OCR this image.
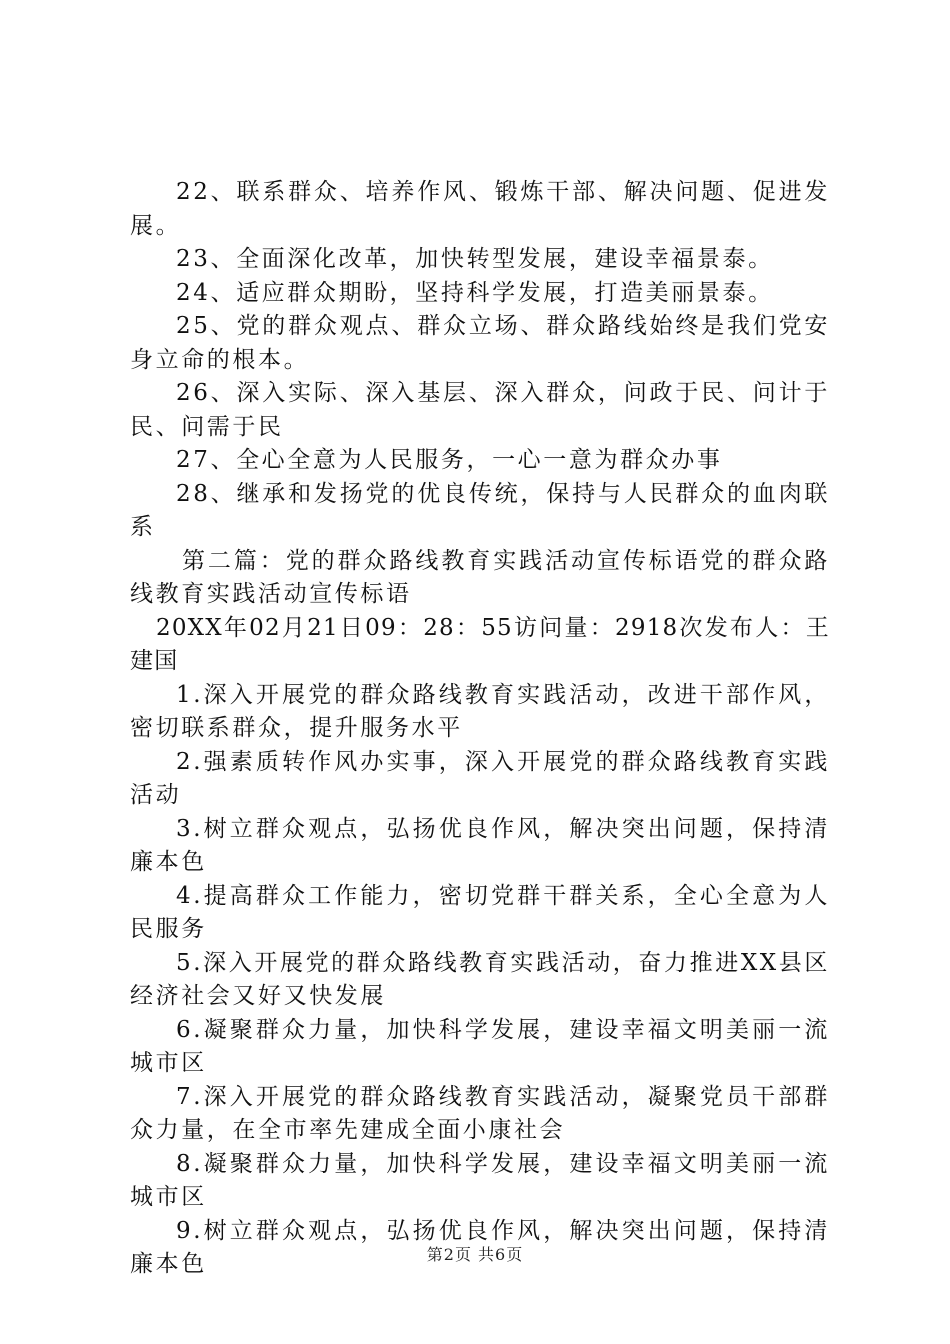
22、联系群众、培养作风、锻炼干部、解决问题、促进发展。

23、全面深化改革，加快转型发展，建设幸福景泰。

24、适应群众期盼，坚持科学发展，打造美丽景泰。

25、党的群众观点、群众立场、群众路线始终是我们党安身立命的根本。

26、深入实际、深入基层、深入群众，问政于民、问计于民、问需于民

27、全心全意为人民服务，一心一意为群众办事

28、继承和发扬党的优良传统，保持与人民群众的血肉联系

第二篇：党的群众路线教育实践活动宣传标语党的群众路线教育实践活动宣传标语

20XX年02月21日09：28：55访问量：2918次发布人：王建国

1.深入开展党的群众路线教育实践活动，改进干部作风，密切联系群众，提升服务水平

2.强素质转作风办实事，深入开展党的群众路线教育实践活动

3.树立群众观点，弘扬优良作风，解决突出问题，保持清廉本色

4.提高群众工作能力，密切党群干群关系，全心全意为人民服务

5.深入开展党的群众路线教育实践活动，奋力推进XX县区经济社会又好又快发展

6.凝聚群众力量，加快科学发展，建设幸福文明美丽一流城市区

7.深入开展党的群众路线教育实践活动，凝聚党员干部群众力量，在全市率先建成全面小康社会

8.凝聚群众力量，加快科学发展，建设幸福文明美丽一流城市区

9.树立群众观点，弘扬优良作风，解决突出问题，保持清廉本色	第2页 共6页
